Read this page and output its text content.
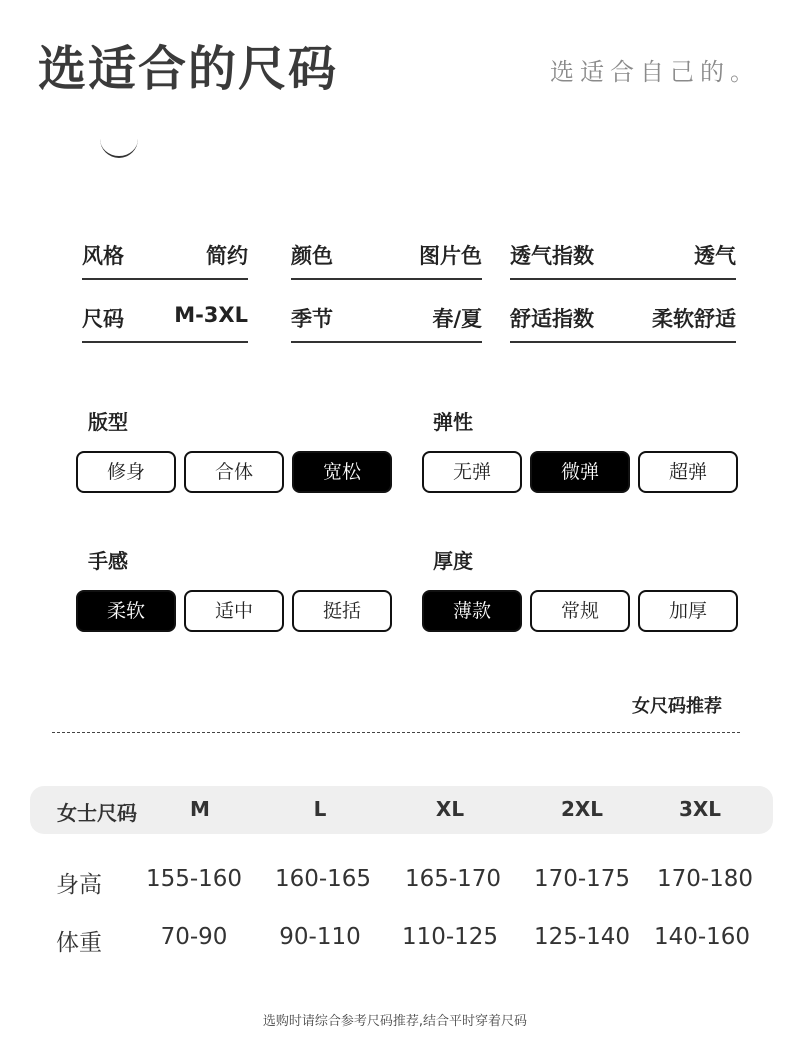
选适合的尺码	选适合自己的。
风格	简约 颜色	图片色 透气指数	透气
尺码 M-3XL 季节	春/夏 舒适指数	柔软舒适
版型
修身	合体	宽松
弹性
无弹	微弹	超弹
手感
柔软	适中	挺括
厚度
薄款	常规	加厚
女尺码推荐
女士尺码	M	L	XL	2XL	3XL
身高	155-160	160-165	165-170	170-175	170-180
体重	70-90	90-110	110-125	125-140	140-160
选购时请综合参考尺码推荐,结合平时穿着尺码
